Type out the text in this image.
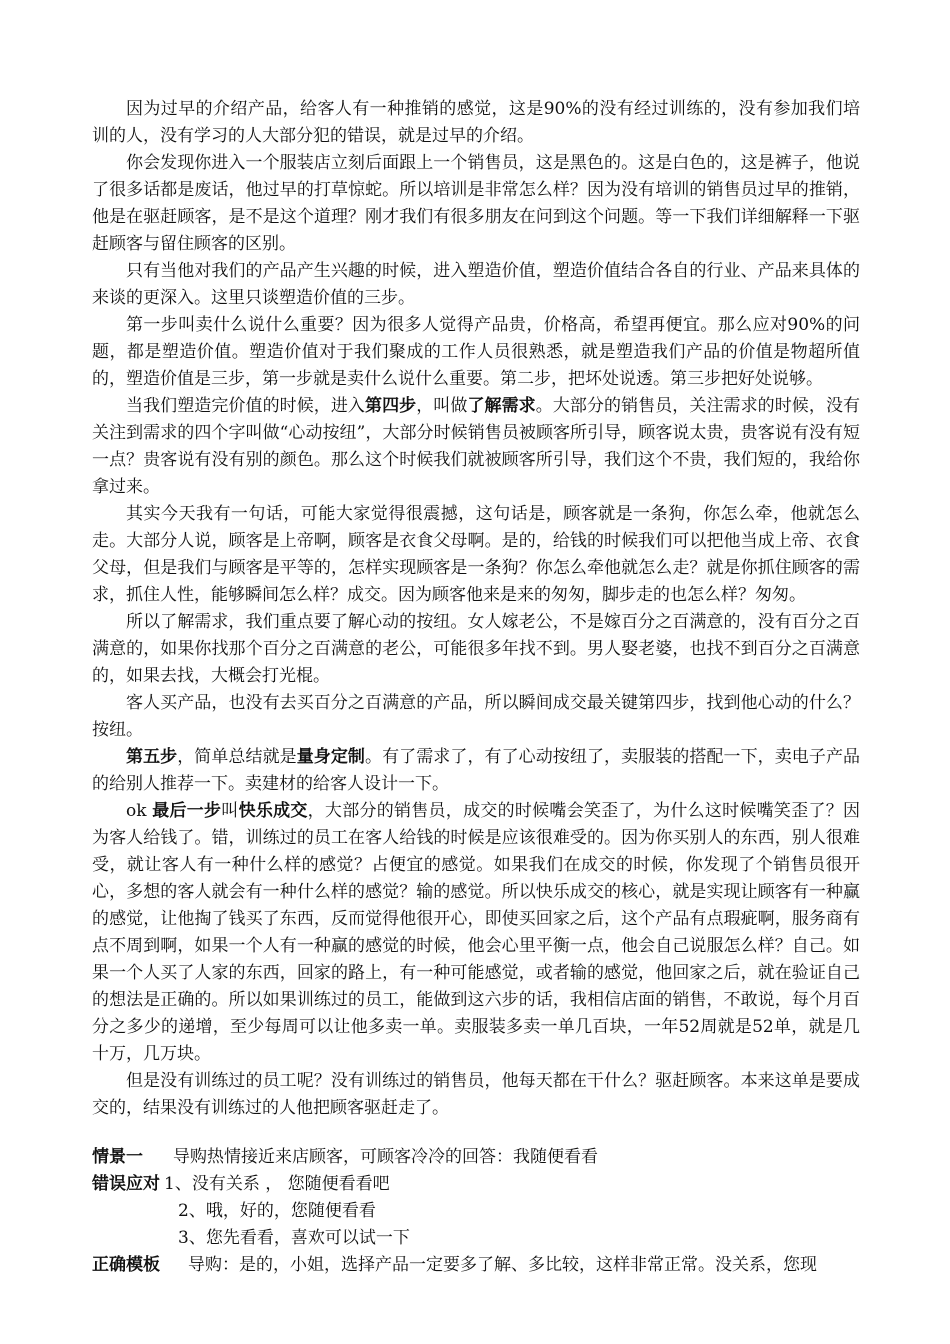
因为过早的介绍产品，给客人有一种推销的感觉，这是90%的没有经过训练的，没有参加我们培训的人，没有学习的人大部分犯的错误，就是过早的介绍。

你会发现你进入一个服装店立刻后面跟上一个销售员，这是黑色的。这是白色的，这是裤子，他说了很多话都是废话，他过早的打草惊蛇。所以培训是非常怎么样？因为没有培训的销售员过早的推销，他是在驱赶顾客，是不是这个道理？刚才我们有很多朋友在问到这个问题。等一下我们详细解释一下驱赶顾客与留住顾客的区别。

只有当他对我们的产品产生兴趣的时候，进入塑造价值，塑造价值结合各自的行业、产品来具体的来谈的更深入。这里只谈塑造价值的三步。

第一步叫卖什么说什么重要？因为很多人觉得产品贵，价格高，希望再便宜。那么应对90%的问题，都是塑造价值。塑造价值对于我们聚成的工作人员很熟悉，就是塑造我们产品的价值是物超所值的，塑造价值是三步，第一步就是卖什么说什么重要。第二步，把坏处说透。第三步把好处说够。

当我们塑造完价值的时候，进入第四步，叫做了解需求。大部分的销售员，关注需求的时候，没有关注到需求的四个字叫做“心动按纽”，大部分时候销售员被顾客所引导，顾客说太贵，贵客说有没有短一点？贵客说有没有别的颜色。那么这个时候我们就被顾客所引导，我们这个不贵，我们短的，我给你拿过来。

其实今天我有一句话，可能大家觉得很震撼，这句话是，顾客就是一条狗，你怎么牵，他就怎么走。大部分人说，顾客是上帝啊，顾客是衣食父母啊。是的，给钱的时候我们可以把他当成上帝、衣食父母，但是我们与顾客是平等的，怎样实现顾客是一条狗？你怎么牵他就怎么走？就是你抓住顾客的需求，抓住人性，能够瞬间怎么样？成交。因为顾客他来是来的匆匆，脚步走的也怎么样？匆匆。

所以了解需求，我们重点要了解心动的按纽。女人嫁老公，不是嫁百分之百满意的，没有百分之百满意的，如果你找那个百分之百满意的老公，可能很多年找不到。男人娶老婆，也找不到百分之百满意的，如果去找，大概会打光棍。

客人买产品，也没有去买百分之百满意的产品，所以瞬间成交最关键第四步，找到他心动的什么？按纽。

第五步，简单总结就是量身定制。有了需求了，有了心动按纽了，卖服装的搭配一下，卖电子产品的给别人推荐一下。卖建材的给客人设计一下。

ok 最后一步叫快乐成交，大部分的销售员，成交的时候嘴会笑歪了，为什么这时候嘴笑歪了？因为客人给钱了。错，训练过的员工在客人给钱的时候是应该很难受的。因为你买别人的东西，别人很难受，就让客人有一种什么样的感觉？占便宜的感觉。如果我们在成交的时候，你发现了个销售员很开心，多想的客人就会有一种什么样的感觉？输的感觉。所以快乐成交的核心，就是实现让顾客有一种赢的感觉，让他掏了钱买了东西，反而觉得他很开心，即使买回家之后，这个产品有点瑕疵啊，服务商有点不周到啊，如果一个人有一种赢的感觉的时候，他会心里平衡一点，他会自己说服怎么样？自己。如果一个人买了人家的东西，回家的路上，有一种可能感觉，或者输的感觉，他回家之后，就在验证自己的想法是正确的。所以如果训练过的员工，能做到这六步的话，我相信店面的销售，不敢说，每个月百分之多少的递增，至少每周可以让他多卖一单。卖服装多卖一单几百块，一年52周就是52单，就是几十万，几万块。

但是没有训练过的员工呢？没有训练过的销售员，他每天都在干什么？驱赶顾客。本来这单是要成交的，结果没有训练过的人他把顾客驱赶走了。

情景一 导购热情接近来店顾客，可顾客冷冷的回答：我随便看看
错误应对 1、没有关系 ， 您随便看看吧
2、哦，好的，您随便看看
3、您先看看，喜欢可以试一下
正确模板 导购：是的，小姐，选择产品一定要多了解、多比较，这样非常正常。没关系，您现
